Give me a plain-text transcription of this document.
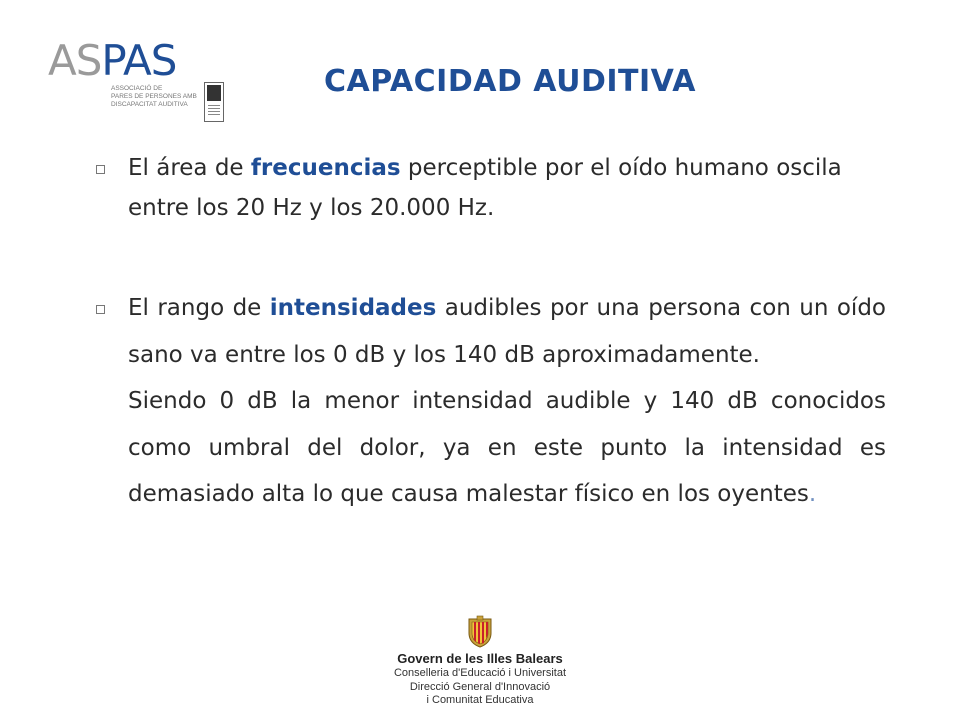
ASPAS
ASSOCIACIÓ DE
PARES DE PERSONES AMB
DISCAPACITAT AUDITIVA
CAPACIDAD AUDITIVA
El área de frecuencias perceptible por el oído humano oscila entre los 20 Hz y los 20.000 Hz.

El rango de intensidades audibles por una persona con un oído sano va entre los 0 dB y los 140 dB aproximadamente.

Siendo 0 dB la menor intensidad audible y 140 dB conocidos como umbral del dolor, ya en este punto la intensidad es demasiado alta lo que causa malestar físico en los oyentes.

Govern de les Illes Balears
Conselleria d'Educació i Universitat
Direcció General d'Innovació
i Comunitat Educativa
